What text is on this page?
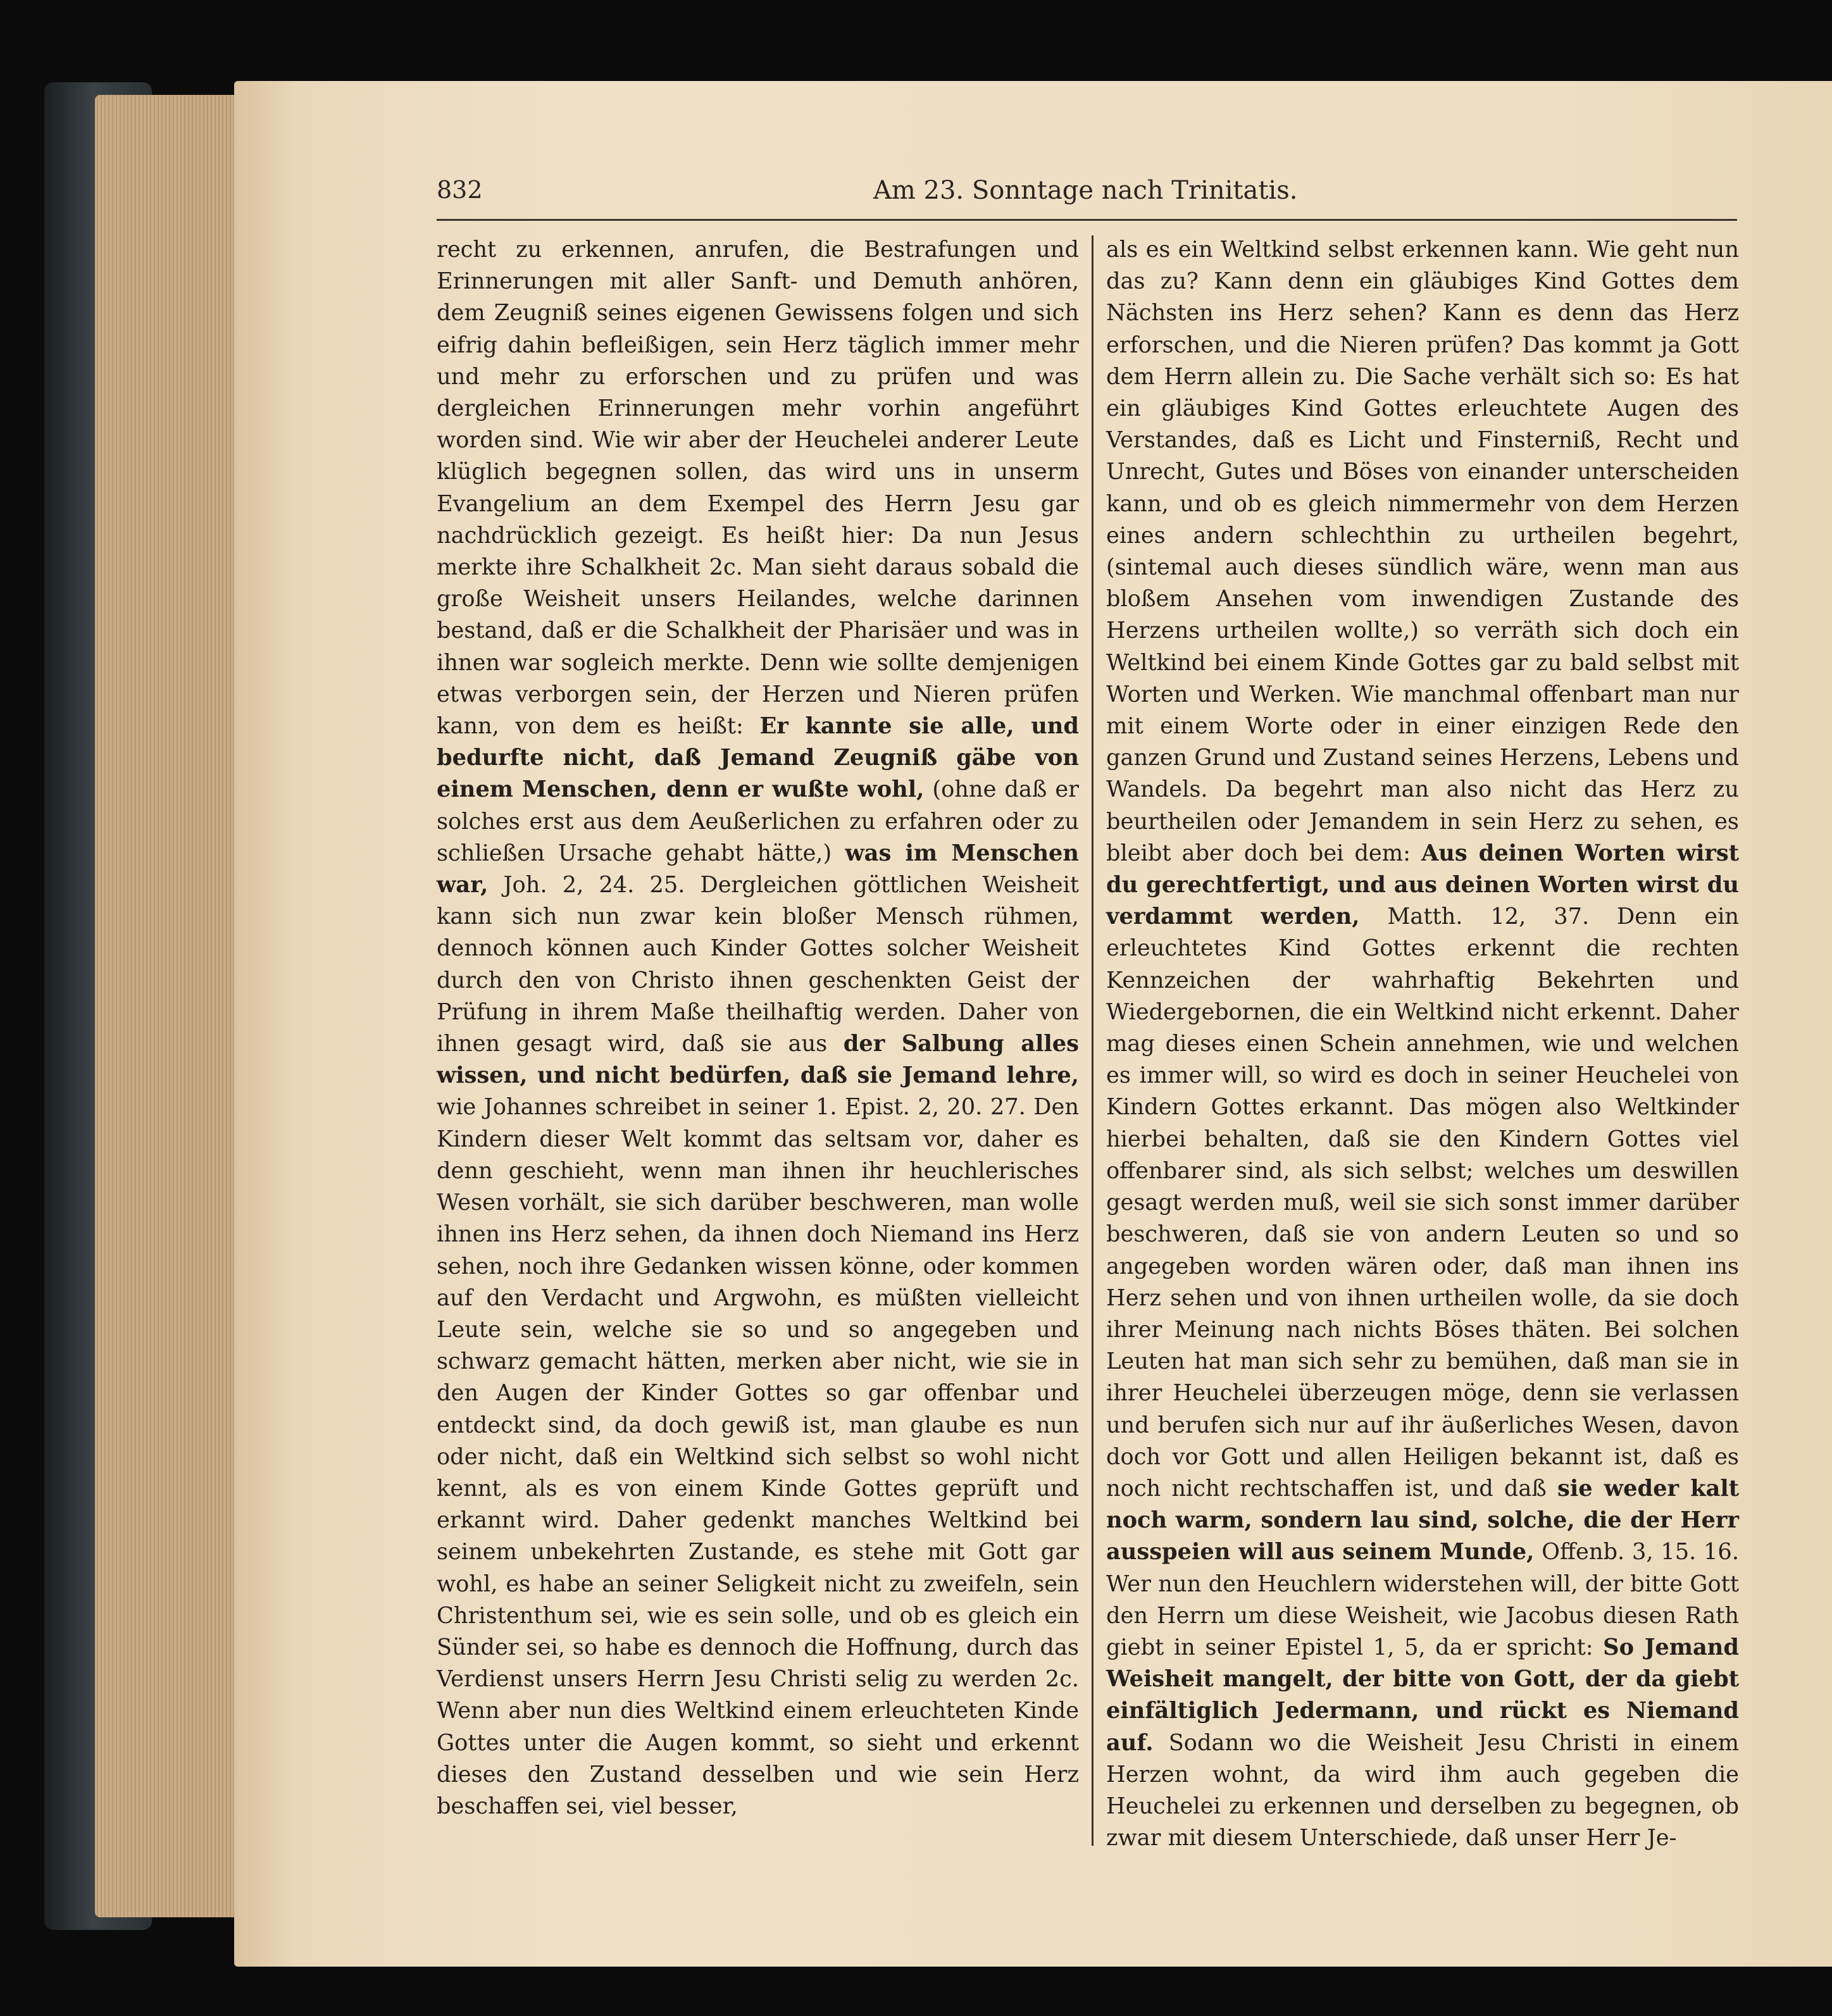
832	Am 23. Sonntage nach Trinitatis.

recht zu erkennen, anrufen, die Bestrafungen und Erinnerungen mit aller Sanft- und Demuth anhören, dem Zeugniß seines eigenen Gewissens folgen und sich eifrig dahin befleißigen, sein Herz täglich immer mehr und mehr zu erforschen und zu prüfen und was dergleichen Erinnerungen mehr vorhin angeführt worden sind. Wie wir aber der Heuchelei anderer Leute klüglich begegnen sollen, das wird uns in unserm Evangelium an dem Exempel des Herrn Jesu gar nachdrücklich gezeigt. Es heißt hier: Da nun Jesus merkte ihre Schalkheit 2c. Man sieht daraus sobald die große Weisheit unsers Heilandes, welche darinnen bestand, daß er die Schalkheit der Pharisäer und was in ihnen war sogleich merkte. Denn wie sollte demjenigen etwas verborgen sein, der Herzen und Nieren prüfen kann, von dem es heißt: Er kannte sie alle, und bedurfte nicht, daß Jemand Zeugniß gäbe von einem Menschen, denn er wußte wohl, (ohne daß er solches erst aus dem Aeußerlichen zu erfahren oder zu schließen Ursache gehabt hätte,) was im Menschen war, Joh. 2, 24. 25. Dergleichen göttlichen Weisheit kann sich nun zwar kein bloßer Mensch rühmen, dennoch können auch Kinder Gottes solcher Weisheit durch den von Christo ihnen geschenkten Geist der Prüfung in ihrem Maße theilhaftig werden. Daher von ihnen gesagt wird, daß sie aus der Salbung alles wissen, und nicht bedürfen, daß sie Jemand lehre, wie Johannes schreibet in seiner 1. Epist. 2, 20. 27. Den Kindern dieser Welt kommt das seltsam vor, daher es denn geschieht, wenn man ihnen ihr heuchlerisches Wesen vorhält, sie sich darüber beschweren, man wolle ihnen ins Herz sehen, da ihnen doch Niemand ins Herz sehen, noch ihre Gedanken wissen könne, oder kommen auf den Verdacht und Argwohn, es müßten vielleicht Leute sein, welche sie so und so angegeben und schwarz gemacht hätten, merken aber nicht, wie sie in den Augen der Kinder Gottes so gar offenbar und entdeckt sind, da doch gewiß ist, man glaube es nun oder nicht, daß ein Weltkind sich selbst so wohl nicht kennt, als es von einem Kinde Gottes geprüft und erkannt wird. Daher gedenkt manches Weltkind bei seinem unbekehrten Zustande, es stehe mit Gott gar wohl, es habe an seiner Seligkeit nicht zu zweifeln, sein Christenthum sei, wie es sein solle, und ob es gleich ein Sünder sei, so habe es dennoch die Hoffnung, durch das Verdienst unsers Herrn Jesu Christi selig zu werden 2c. Wenn aber nun dies Weltkind einem erleuchteten Kinde Gottes unter die Augen kommt, so sieht und erkennt dieses den Zustand desselben und wie sein Herz beschaffen sei, viel besser,

als es ein Weltkind selbst erkennen kann. Wie geht nun das zu? Kann denn ein gläubiges Kind Gottes dem Nächsten ins Herz sehen? Kann es denn das Herz erforschen, und die Nieren prüfen? Das kommt ja Gott dem Herrn allein zu. Die Sache verhält sich so: Es hat ein gläubiges Kind Gottes erleuchtete Augen des Verstandes, daß es Licht und Finsterniß, Recht und Unrecht, Gutes und Böses von einander unterscheiden kann, und ob es gleich nimmermehr von dem Herzen eines andern schlechthin zu urtheilen begehrt, (sintemal auch dieses sündlich wäre, wenn man aus bloßem Ansehen vom inwendigen Zustande des Herzens urtheilen wollte,) so verräth sich doch ein Weltkind bei einem Kinde Gottes gar zu bald selbst mit Worten und Werken. Wie manchmal offenbart man nur mit einem Worte oder in einer einzigen Rede den ganzen Grund und Zustand seines Herzens, Lebens und Wandels. Da begehrt man also nicht das Herz zu beurtheilen oder Jemandem in sein Herz zu sehen, es bleibt aber doch bei dem: Aus deinen Worten wirst du gerechtfertigt, und aus deinen Worten wirst du verdammt werden, Matth. 12, 37. Denn ein erleuchtetes Kind Gottes erkennt die rechten Kennzeichen der wahrhaftig Bekehrten und Wiedergebornen, die ein Weltkind nicht erkennt. Daher mag dieses einen Schein annehmen, wie und welchen es immer will, so wird es doch in seiner Heuchelei von Kindern Gottes erkannt. Das mögen also Weltkinder hierbei behalten, daß sie den Kindern Gottes viel offenbarer sind, als sich selbst; welches um deswillen gesagt werden muß, weil sie sich sonst immer darüber beschweren, daß sie von andern Leuten so und so angegeben worden wären oder, daß man ihnen ins Herz sehen und von ihnen urtheilen wolle, da sie doch ihrer Meinung nach nichts Böses thäten. Bei solchen Leuten hat man sich sehr zu bemühen, daß man sie in ihrer Heuchelei überzeugen möge, denn sie verlassen und berufen sich nur auf ihr äußerliches Wesen, davon doch vor Gott und allen Heiligen bekannt ist, daß es noch nicht rechtschaffen ist, und daß sie weder kalt noch warm, sondern lau sind, solche, die der Herr ausspeien will aus seinem Munde, Offenb. 3, 15. 16. Wer nun den Heuchlern widerstehen will, der bitte Gott den Herrn um diese Weisheit, wie Jacobus diesen Rath giebt in seiner Epistel 1, 5, da er spricht: So Jemand Weisheit mangelt, der bitte von Gott, der da giebt einfältiglich Jedermann, und rückt es Niemand auf. Sodann wo die Weisheit Jesu Christi in einem Herzen wohnt, da wird ihm auch gegeben die Heuchelei zu erkennen und derselben zu begegnen, ob zwar mit diesem Unterschiede, daß unser Herr Je-
